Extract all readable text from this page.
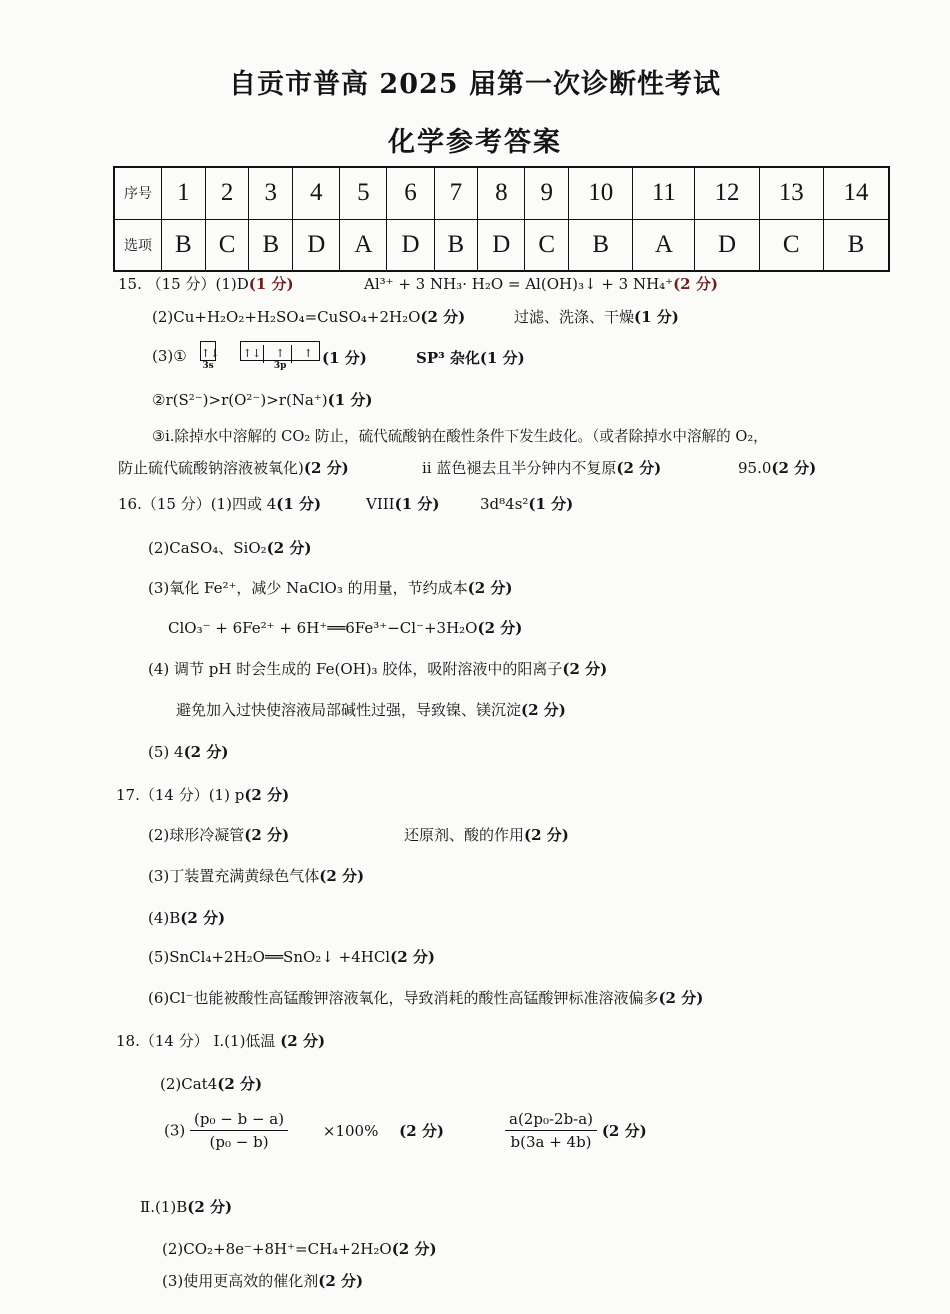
自贡市普高 2025 届第一次诊断性考试
化学参考答案
序号	1	2	3	4	5	6	7	8	9	10	11	12	13	14
选项	B	C	B	D	A	D	B	D	C	B	A	D	C	B
15. （15 分）(1)D(1 分)	Al³⁺ + 3 NH₃· H₂O = Al(OH)₃↓ + 3 NH₄⁺(2 分)
(2)Cu+H₂O₂+H₂SO₄=CuSO₄+2H₂O(2 分)	过滤、洗涤、干燥(1 分)
(3)① ↑↓
3s
↑↓ ↑ ↑
3p	(1 分)	SP³ 杂化(1 分)
②r(S²⁻)>r(O²⁻)>r(Na⁺)(1 分)
③i.除掉水中溶解的 CO₂ 防止，硫代硫酸钠在酸性条件下发生歧化。（或者除掉水中溶解的 O₂，
防止硫代硫酸钠溶液被氧化)(2 分)	ii 蓝色褪去且半分钟内不复原(2 分)	95.0(2 分)
16.（15 分）(1)四或 4(1 分)	VIII(1 分)	3d⁸4s²(1 分)
(2)CaSO₄、SiO₂(2 分)
(3)氧化 Fe²⁺，减少 NaClO₃ 的用量，节约成本(2 分)
ClO₃⁻ + 6Fe²⁺ + 6H⁺══6Fe³⁺−Cl⁻+3H₂O(2 分)
(4) 调节 pH 时会生成的 Fe(OH)₃ 胶体，吸附溶液中的阳离子(2 分)
避免加入过快使溶液局部碱性过强，导致镍、镁沉淀(2 分)
(5) 4(2 分)
17.（14 分）(1) p(2 分)
(2)球形冷凝管(2 分)	还原剂、酸的作用(2 分)
(3)丁装置充满黄绿色气体(2 分)
(4)B(2 分)
(5)SnCl₄+2H₂O══SnO₂↓ +4HCl(2 分)
(6)Cl⁻也能被酸性高锰酸钾溶液氧化，导致消耗的酸性高锰酸钾标准溶液偏多(2 分)
18.（14 分） Ⅰ.(1)低温 (2 分)
(2)Cat4(2 分)
$(3) \frac{\text{(p₀ − b − a)}}{\text{(p₀ − b)}} \times 100\%$ (2 分)	$\frac{\text{a(2p₀-2b-a)}}{b(3a + 4b)} (2$ 分)
Ⅱ.(1)B(2 分)
(2)CO₂+8e⁻+8H⁺=CH₄+2H₂O(2 分)
(3)使用更高效的催化剂(2 分)
